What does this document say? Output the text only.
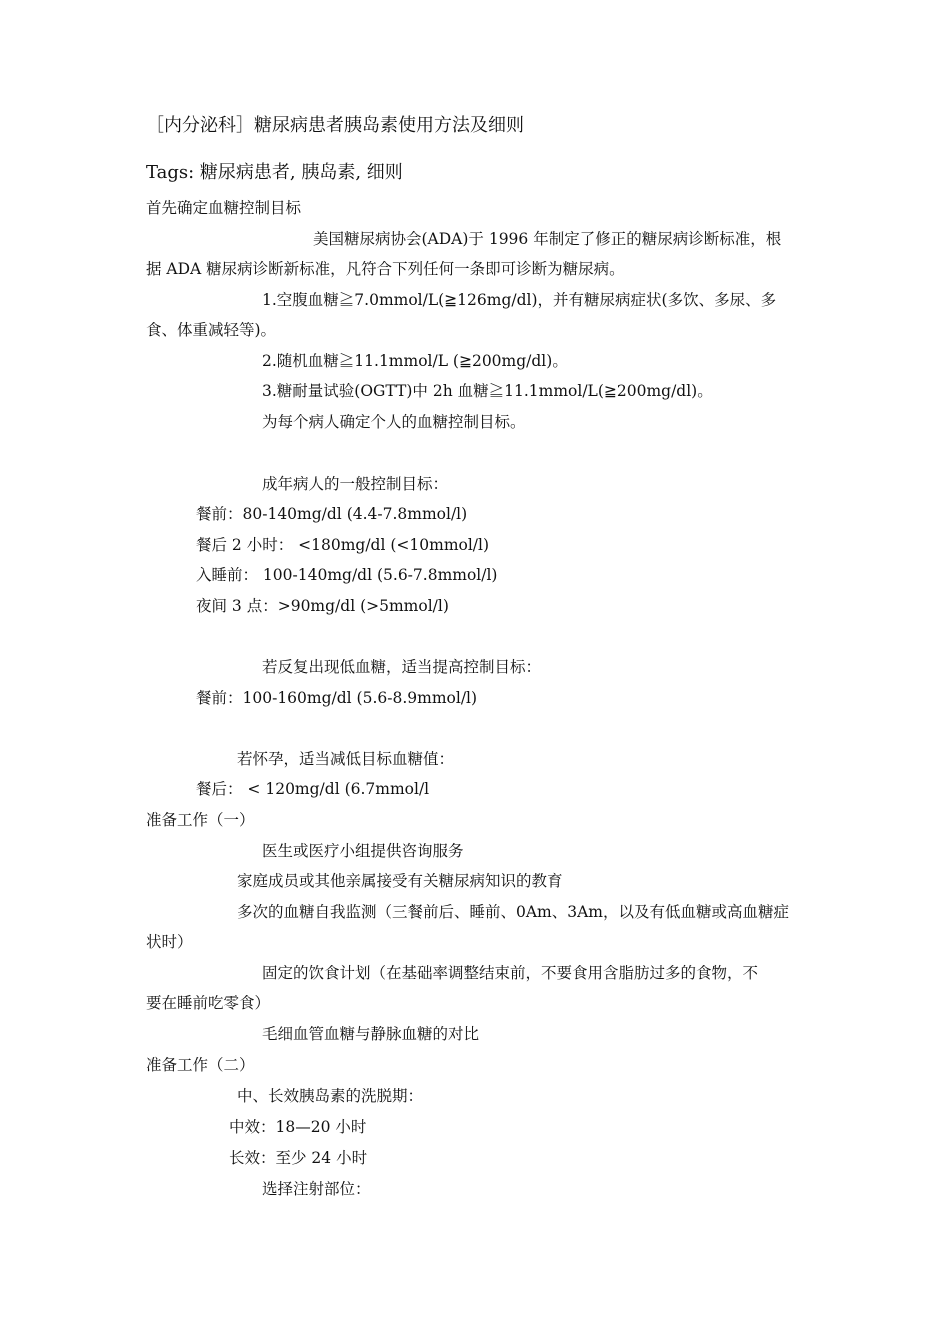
［内分泌科］糖尿病患者胰岛素使用方法及细则
Tags: 糖尿病患者, 胰岛素, 细则
首先确定血糖控制目标
美国糖尿病协会(ADA)于 1996 年制定了修正的糖尿病诊断标准，根
据 ADA 糖尿病诊断新标准，凡符合下列任何一条即可诊断为糖尿病。
1.空腹血糖≧7.0mmol/L(≧126mg/dl)，并有糖尿病症状(多饮、多尿、多
食、体重减轻等)。
2.随机血糖≧11.1mmol/L (≧200mg/dl)。
3.糖耐量试验(OGTT)中 2h 血糖≧11.1mmol/L(≧200mg/dl)。
为每个病人确定个人的血糖控制目标。
成年病人的一般控制目标：
餐前：80-140mg/dl (4.4-7.8mmol/l)
餐后 2 小时： <180mg/dl (<10mmol/l)
入睡前： 100-140mg/dl (5.6-7.8mmol/l)
夜间 3 点：>90mg/dl (>5mmol/l)
若反复出现低血糖，适当提高控制目标：
餐前：100-160mg/dl (5.6-8.9mmol/l)
若怀孕，适当减低目标血糖值：
餐后： < 120mg/dl (6.7mmol/l
准备工作（一）
医生或医疗小组提供咨询服务
家庭成员或其他亲属接受有关糖尿病知识的教育
多次的血糖自我监测（三餐前后、睡前、0Am、3Am，以及有低血糖或高血糖症
状时）
固定的饮食计划（在基础率调整结束前，不要食用含脂肪过多的食物，不
要在睡前吃零食）
毛细血管血糖与静脉血糖的对比
准备工作（二）
中、长效胰岛素的洗脱期：
中效：18—20 小时
长效：至少 24 小时
选择注射部位：
